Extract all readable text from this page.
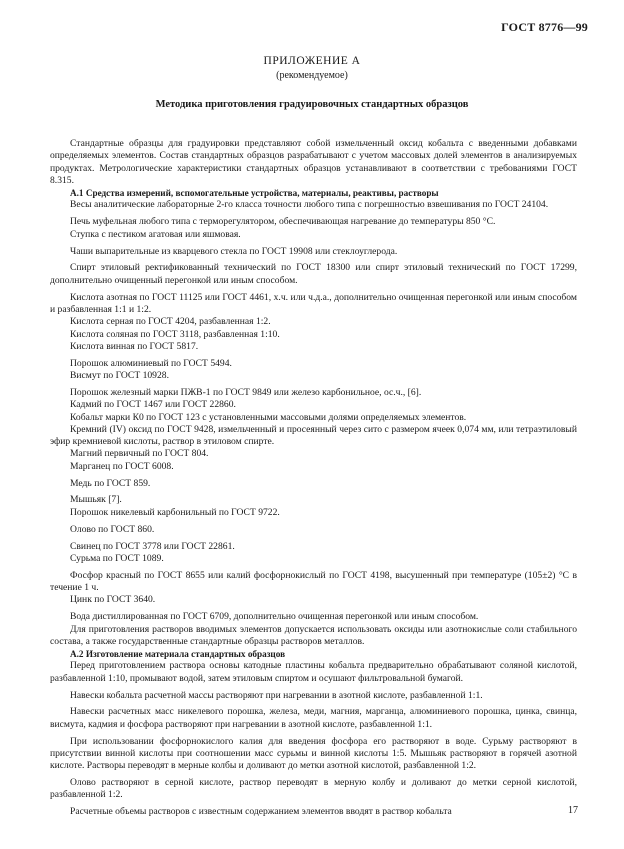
ГОСТ 8776—99
ПРИЛОЖЕНИЕ А
(рекомендуемое)
Методика приготовления градуировочных стандартных образцов

Стандартные образцы для градуировки представляют собой измельченный оксид кобальта с введенными добавками определяемых элементов. Состав стандартных образцов разрабатывают с учетом массовых долей элементов в анализируемых продуктах. Метрологические характеристики стандартных образцов устанавливают в соответствии с требованиями ГОСТ 8.315.

А.1 Средства измерений, вспомогательные устройства, материалы, реактивы, растворы

Весы аналитические лабораторные 2-го класса точности любого типа с погрешностью взвешивания по ГОСТ 24104.

Печь муфельная любого типа с терморегулятором, обеспечивающая нагревание до температуры 850 °С.

Ступка с пестиком агатовая или яшмовая.

Чаши выпарительные из кварцевого стекла по ГОСТ 19908 или стеклоуглерода.

Спирт этиловый ректификованный технический по ГОСТ 18300 или спирт этиловый технический по ГОСТ 17299, дополнительно очищенный перегонкой или иным способом.

Кислота азотная по ГОСТ 11125 или ГОСТ 4461, х.ч. или ч.д.а., дополнительно очищенная перегонкой или иным способом и разбавленная 1:1 и 1:2.

Кислота серная по ГОСТ 4204, разбавленная 1:2.

Кислота соляная по ГОСТ 3118, разбавленная 1:10.

Кислота винная по ГОСТ 5817.

Порошок алюминиевый по ГОСТ 5494.

Висмут по ГОСТ 10928.

Порошок железный марки ПЖВ-1 по ГОСТ 9849 или железо карбонильное, ос.ч., [6].

Кадмий по ГОСТ 1467 или ГОСТ 22860.

Кобальт марки К0 по ГОСТ 123 с установленными массовыми долями определяемых элементов.

Кремний (IV) оксид по ГОСТ 9428, измельченный и просеянный через сито с размером ячеек 0,074 мм, или тетраэтиловый эфир кремниевой кислоты, раствор в этиловом спирте.

Магний первичный по ГОСТ 804.

Марганец по ГОСТ 6008.

Медь по ГОСТ 859.

Мышьяк [7].

Порошок никелевый карбонильный по ГОСТ 9722.

Олово по ГОСТ 860.

Свинец по ГОСТ 3778 или ГОСТ 22861.

Сурьма по ГОСТ 1089.

Фосфор красный по ГОСТ 8655 или калий фосфорнокислый по ГОСТ 4198, высушенный при температуре (105±2) °С в течение 1 ч.

Цинк по ГОСТ 3640.

Вода дистиллированная по ГОСТ 6709, дополнительно очищенная перегонкой или иным способом.

Для приготовления растворов вводимых элементов допускается использовать оксиды или азотнокислые соли стабильного состава, а также государственные стандартные образцы растворов металлов.

А.2 Изготовление материала стандартных образцов

Перед приготовлением раствора основы катодные пластины кобальта предварительно обрабатывают соляной кислотой, разбавленной 1:10, промывают водой, затем этиловым спиртом и осушают фильтровальной бумагой.

Навески кобальта расчетной массы растворяют при нагревании в азотной кислоте, разбавленной 1:1.

Навески расчетных масс никелевого порошка, железа, меди, магния, марганца, алюминиевого порошка, цинка, свинца, висмута, кадмия и фосфора растворяют при нагревании в азотной кислоте, разбавленной 1:1.

При использовании фосфорнокислого калия для введения фосфора его растворяют в воде. Сурьму растворяют в присутствии винной кислоты при соотношении масс сурьмы и винной кислоты 1:5. Мышьяк растворяют в горячей азотной кислоте. Растворы переводят в мерные колбы и доливают до метки азотной кислотой, разбавленной 1:2.

Олово растворяют в серной кислоте, раствор переводят в мерную колбу и доливают до метки серной кислотой, разбавленной 1:2.

Расчетные объемы растворов с известным содержанием элементов вводят в раствор кобальта	17
